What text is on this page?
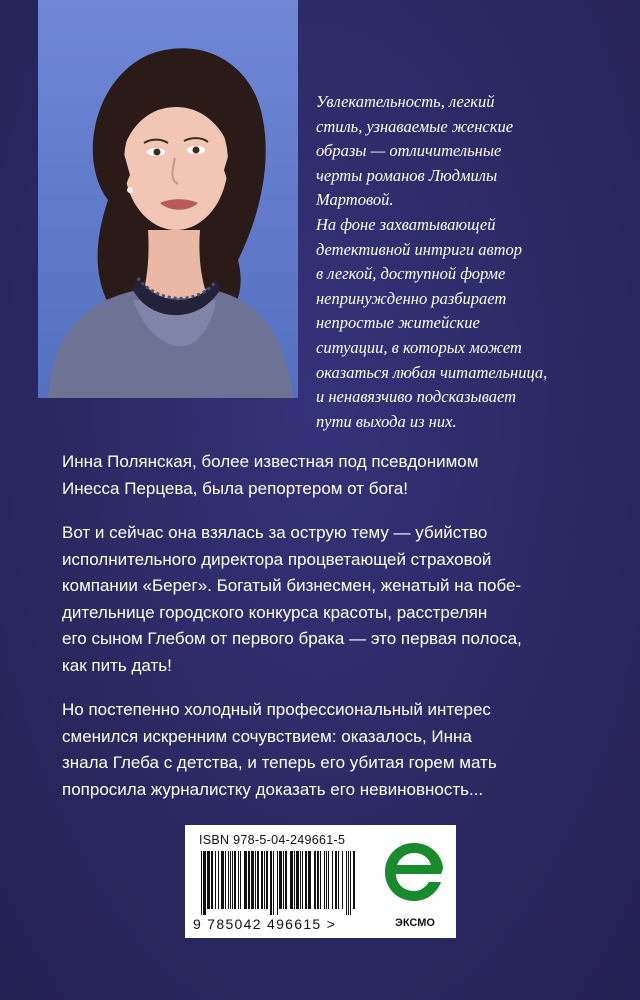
Увлекательность, легкий

стиль, узнаваемые женские

образы — отличительные

черты романов Людмилы

Мартовой.

На фоне захватывающей

детективной интриги автор

в легкой, доступной форме

непринужденно разбирает

непростые житейские

ситуации, в которых может

оказаться любая читательница,

и ненавязчиво подсказывает

пути выхода из них.

Инна Полянская, более известная под псевдонимом
Инесса Перцева, была репортером от бога!

Вот и сейчас она взялась за острую тему — убийство
исполнительного директора процветающей страховой
компании «Берег». Богатый бизнесмен, женатый на побе-
дительнице городского конкурса красоты, расстрелян
его сыном Глебом от первого брака — это первая полоса,
как пить дать!

Но постепенно холодный профессиональный интерес
сменился искренним сочувствием: оказалось, Инна
знала Глеба с детства, и теперь его убитая горем мать
попросила журналистку доказать его невиновность...

ISBN 978-5-04-249661-5
9 785042 496615 >	ЭКСМО
